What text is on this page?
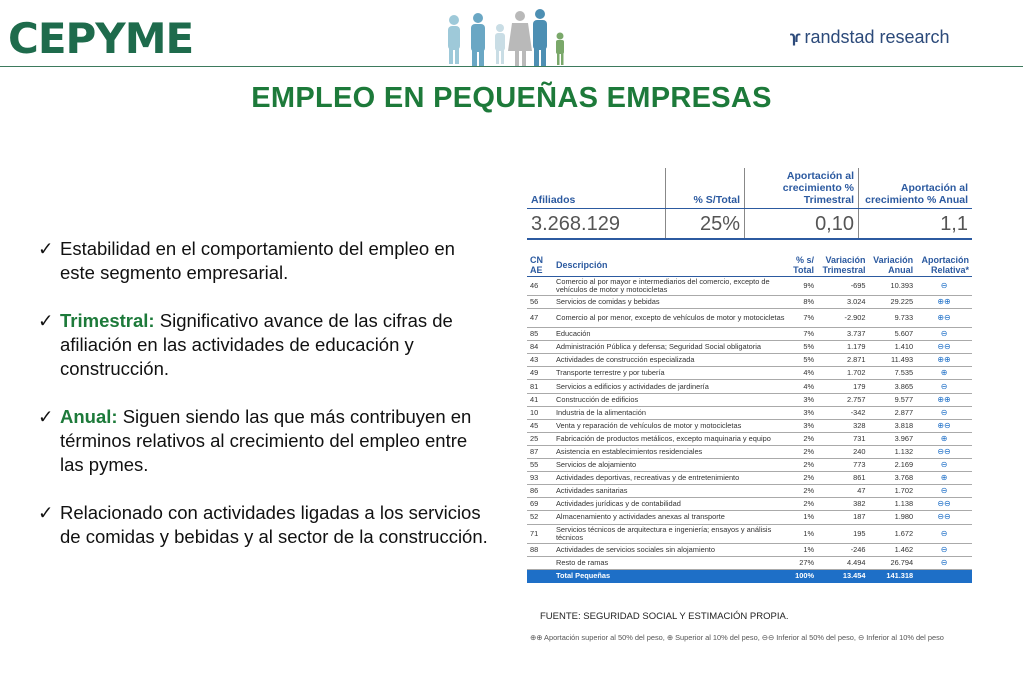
CEPYME	ɿɾ randstad research
EMPLEO EN PEQUEÑAS EMPRESAS
✓ Estabilidad en el comportamiento del empleo en este segmento empresarial.
✓ Trimestral: Significativo avance de las cifras de afiliación en las actividades de educación y construcción.
✓ Anual: Siguen siendo las que más contribuyen en términos relativos al crecimiento del empleo entre las pymes.
✓ Relacionado con actividades ligadas a los servicios de comidas y bebidas y al sector de la construcción.
Afiliados	% S/Total	Aportación al crecimiento % Trimestral	Aportación al crecimiento % Anual
3.268.129	25%	0,10	1,1
CN AE	Descripción	% s/ Total	Variación Trimestral	Variación Anual	Aportación Relativa*
46	Comercio al por mayor e intermediarios del comercio, excepto de vehículos de motor y motocicletas	9%	-695	10.393	⊖
56	Servicios de comidas y bebidas	8%	3.024	29.225	⊕⊕
47	Comercio al por menor, excepto de vehículos de motor y motocicletas	7%	-2.902	9.733	⊕⊖
85	Educación	7%	3.737	5.607	⊖
84	Administración Pública y defensa; Seguridad Social obligatoria	5%	1.179	1.410	⊖⊖
43	Actividades de construcción especializada	5%	2.871	11.493	⊕⊕
49	Transporte terrestre y por tubería	4%	1.702	7.535	⊕
81	Servicios a edificios y actividades de jardinería	4%	179	3.865	⊖
41	Construcción de edificios	3%	2.757	9.577	⊕⊕
10	Industria de la alimentación	3%	-342	2.877	⊖
45	Venta y reparación de vehículos de motor y motocicletas	3%	328	3.818	⊕⊖
25	Fabricación de productos metálicos, excepto maquinaria y equipo	2%	731	3.967	⊕
87	Asistencia en establecimientos residenciales	2%	240	1.132	⊖⊖
55	Servicios de alojamiento	2%	773	2.169	⊖
93	Actividades deportivas, recreativas y de entretenimiento	2%	861	3.768	⊕
86	Actividades sanitarias	2%	47	1.702	⊖
69	Actividades jurídicas y de contabilidad	2%	382	1.138	⊖⊖
52	Almacenamiento y actividades anexas al transporte	1%	187	1.980	⊖⊖
71	Servicios técnicos de arquitectura e ingeniería; ensayos y análisis técnicos	1%	195	1.672	⊖
88	Actividades de servicios sociales sin alojamiento	1%	-246	1.462	⊖
	Resto de ramas	27%	4.494	26.794	⊖
	Total Pequeñas	100%	13.454	141.318	
FUENTE: SEGURIDAD SOCIAL Y ESTIMACIÓN PROPIA.
⊕⊕ Aportación superior al 50% del peso, ⊕ Superior al 10% del peso, ⊖⊖ Inferior al 50% del peso, ⊖ Inferior al 10% del peso
